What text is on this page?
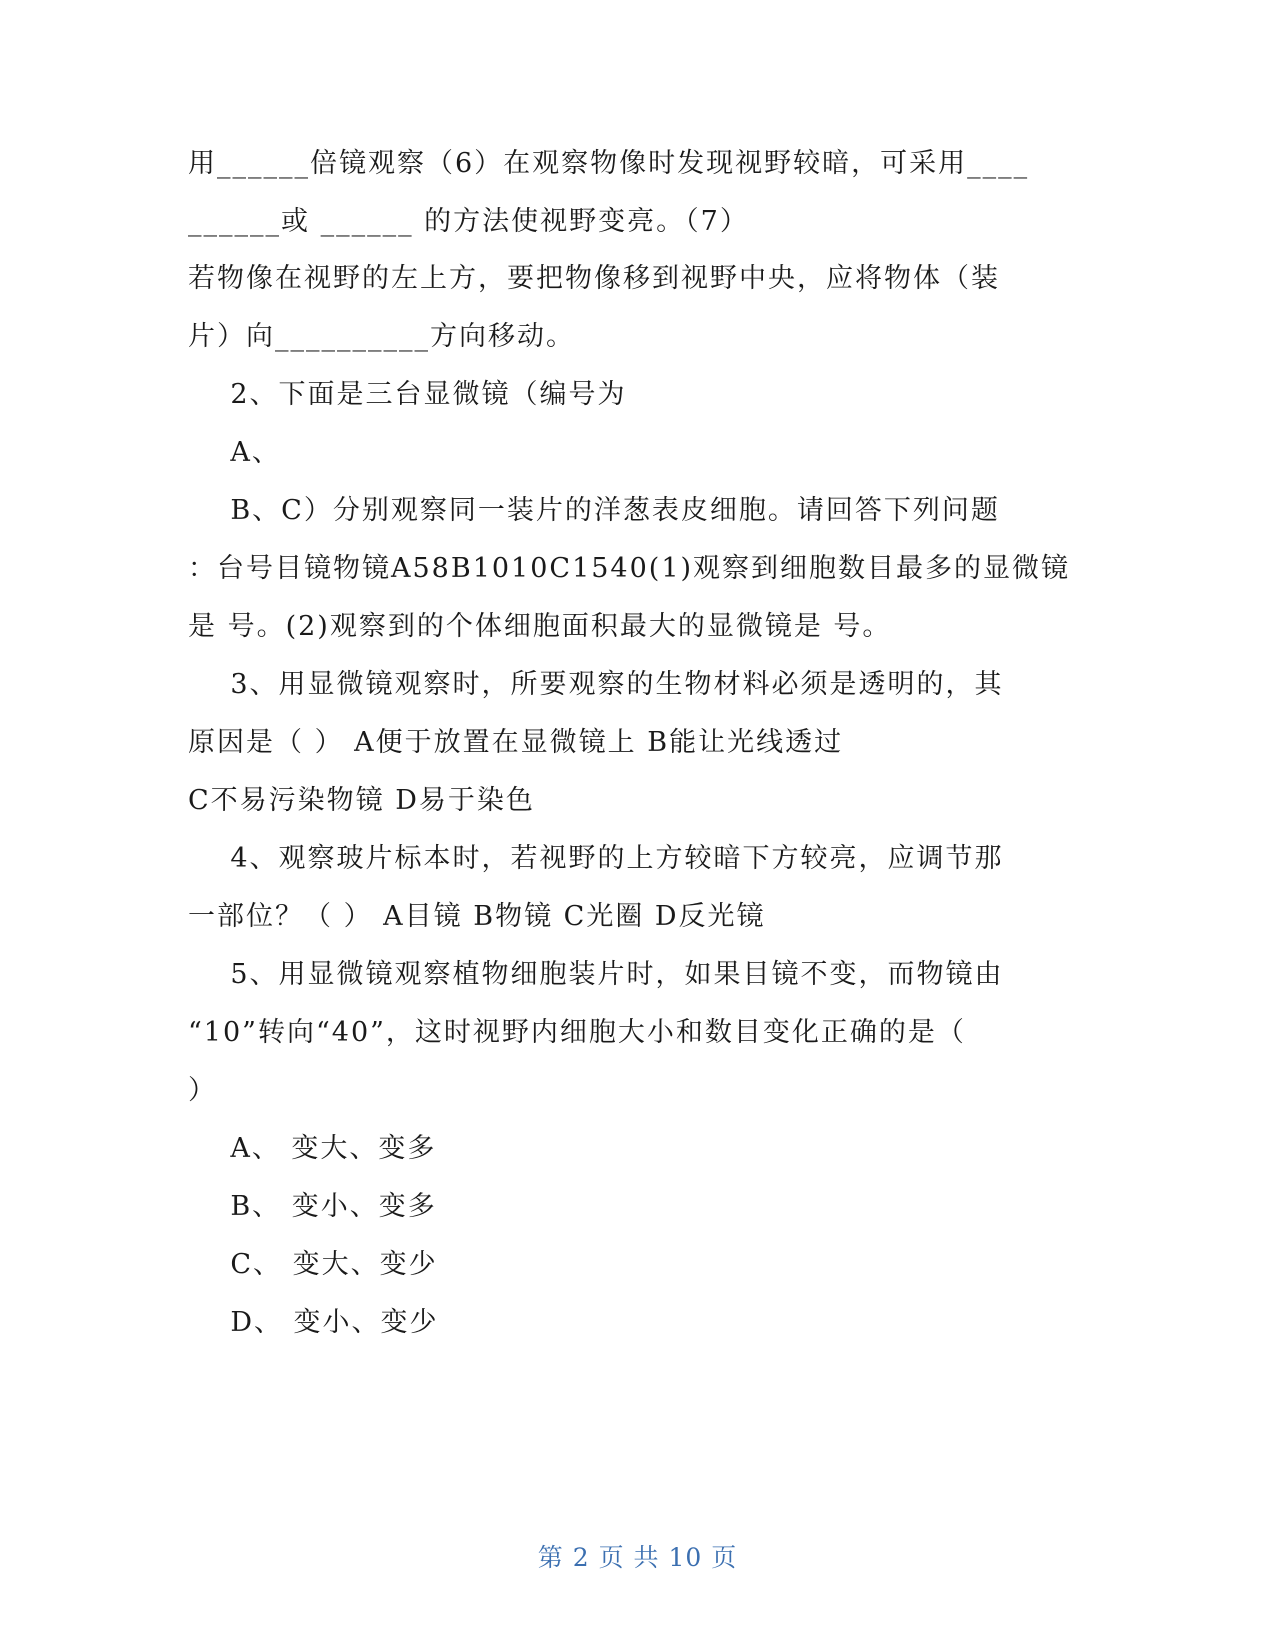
用______倍镜观察（6）在观察物像时发现视野较暗，可采用____
______或 ______ 的方法使视野变亮。（7）
若物像在视野的左上方，要把物像移到视野中央，应将物体（装
片）向__________方向移动。
2、下面是三台显微镜（编号为
A、
B、C）分别观察同一装片的洋葱表皮细胞。请回答下列问题
：台号目镜物镜A58B1010C1540(1)观察到细胞数目最多的显微镜
是 号。(2)观察到的个体细胞面积最大的显微镜是 号。
3、用显微镜观察时，所要观察的生物材料必须是透明的，其
原因是（ ） A便于放置在显微镜上 B能让光线透过
C不易污染物镜 D易于染色
4、观察玻片标本时，若视野的上方较暗下方较亮，应调节那
一部位？（ ） A目镜 B物镜 C光圈 D反光镜
5、用显微镜观察植物细胞装片时，如果目镜不变，而物镜由
“10”转向“40”，这时视野内细胞大小和数目变化正确的是（
）
A、 变大、变多
B、 变小、变多
C、 变大、变少
D、 变小、变少
第 2 页 共 10 页
